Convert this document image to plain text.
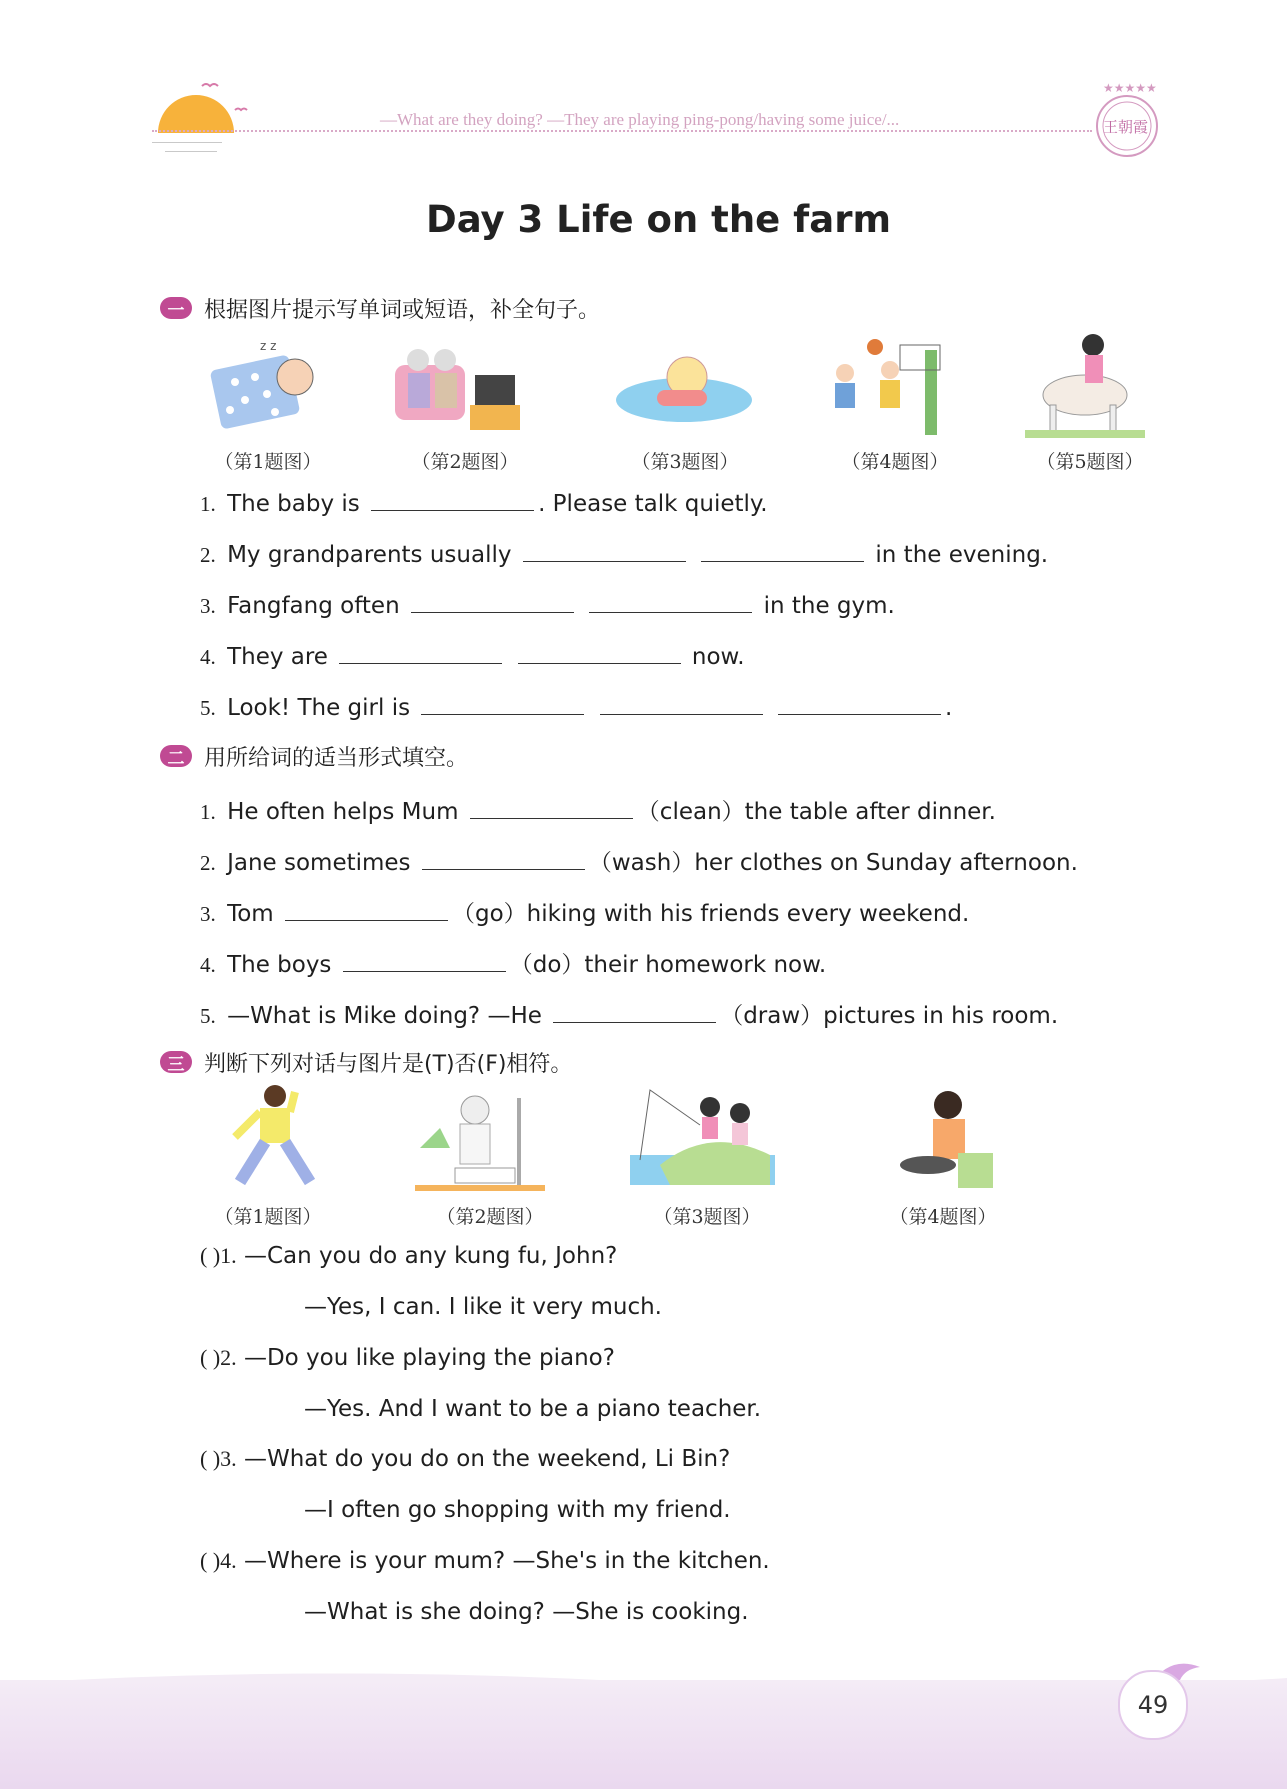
—What are they doing? —They are playing ping-pong/having some juice/...
★★★★★
王朝霞
Day 3 Life on the farm
一 根据图片提示写单词或短语，补全句子。
z z
（第1题图）	（第2题图）	（第3题图）	（第4题图）	（第5题图）
1. The baby is	. Please talk quietly.
2. My grandparents usually	in the evening.
3. Fangfang often	in the gym.
4. They are	now.
5. Look! The girl is	.
二 用所给词的适当形式填空。
1. He often helps Mum	（clean）the table after dinner.
2. Jane sometimes	（wash）her clothes on Sunday afternoon.
3. Tom	（go）hiking with his friends every weekend.
4. The boys	（do）their homework now.
5. —What is Mike doing? —He	（draw）pictures in his room.
三 判断下列对话与图片是(T)否(F)相符。
（第1题图）	（第2题图）	（第3题图）	（第4题图）
( )1. —Can you do any kung fu, John?
—Yes, I can. I like it very much.
( )2. —Do you like playing the piano?
—Yes. And I want to be a piano teacher.
( )3. —What do you do on the weekend, Li Bin?
—I often go shopping with my friend.
( )4. —Where is your mum? —She's in the kitchen.
—What is she doing? —She is cooking.
49
